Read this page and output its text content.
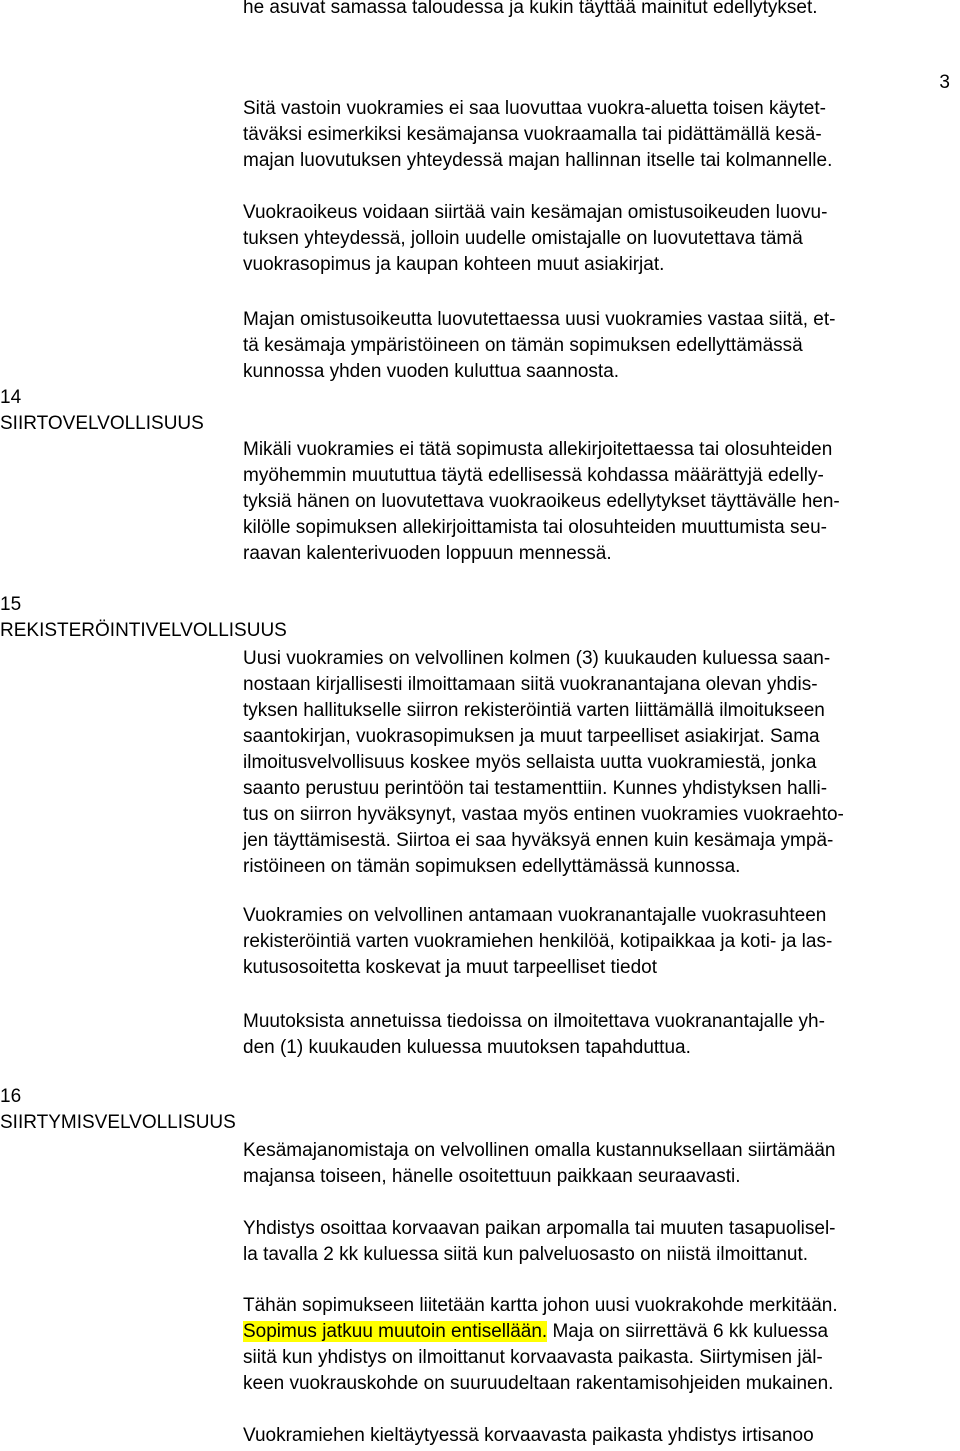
he asuvat samassa taloudessa ja kukin täyttää mainitut edellytykset.
3
Sitä vastoin vuokramies ei saa luovuttaa vuokra-aluetta toisen käytet-
täväksi esimerkiksi kesämajansa vuokraamalla tai pidättämällä kesä-
majan luovutuksen yhteydessä majan hallinnan itselle tai kolmannelle.
Vuokraoikeus voidaan siirtää vain kesämajan omistusoikeuden luovu-
tuksen yhteydessä, jolloin uudelle omistajalle on luovutettava tämä
vuokrasopimus ja kaupan kohteen muut asiakirjat.
Majan omistusoikeutta luovutettaessa uusi vuokramies vastaa siitä, et-
tä kesämaja ympäristöineen on tämän sopimuksen edellyttämässä
kunnossa yhden vuoden kuluttua saannosta.
14
SIIRTOVELVOLLISUUS
Mikäli vuokramies ei tätä sopimusta allekirjoitettaessa tai olosuhteiden
myöhemmin muututtua täytä edellisessä kohdassa määrättyjä edelly-
tyksiä hänen on luovutettava vuokraoikeus edellytykset täyttävälle hen-
kilölle sopimuksen allekirjoittamista tai olosuhteiden muuttumista seu-
raavan kalenterivuoden loppuun mennessä.
15
REKISTERÖINTIVELVOLLISUUS
Uusi vuokramies on velvollinen kolmen (3) kuukauden kuluessa saan-
nostaan kirjallisesti ilmoittamaan siitä vuokranantajana olevan yhdis-
tyksen hallitukselle siirron rekisteröintiä varten liittämällä ilmoitukseen
saantokirjan, vuokrasopimuksen ja muut tarpeelliset asiakirjat. Sama
ilmoitusvelvollisuus koskee myös sellaista uutta vuokramiestä, jonka
saanto perustuu perintöön tai testamenttiin. Kunnes yhdistyksen halli-
tus on siirron hyväksynyt, vastaa myös entinen vuokramies vuokraehto-
jen täyttämisestä. Siirtoa ei saa hyväksyä ennen kuin kesämaja ympä-
ristöineen on tämän sopimuksen edellyttämässä kunnossa.
Vuokramies on velvollinen antamaan vuokranantajalle vuokrasuhteen
rekisteröintiä varten vuokramiehen henkilöä, kotipaikkaa ja koti- ja las-
kutusosoitetta koskevat ja muut tarpeelliset tiedot
Muutoksista annetuissa tiedoissa on ilmoitettava vuokranantajalle yh-
den (1) kuukauden kuluessa muutoksen tapahduttua.
16
SIIRTYMISVELVOLLISUUS
Kesämajanomistaja on velvollinen omalla kustannuksellaan siirtämään
majansa toiseen, hänelle osoitettuun paikkaan seuraavasti.
Yhdistys osoittaa korvaavan paikan arpomalla tai muuten tasapuolisel-
la tavalla 2 kk kuluessa siitä kun palveluosasto on niistä ilmoittanut.
Tähän sopimukseen liitetään kartta johon uusi vuokrakohde merkitään.
Sopimus jatkuu muutoin entisellään. Maja on siirrettävä 6 kk kuluessa
siitä kun yhdistys on ilmoittanut korvaavasta paikasta. Siirtymisen jäl-
keen vuokrauskohde on suuruudeltaan rakentamisohjeiden mukainen.
Vuokramiehen kieltäytyessä korvaavasta paikasta yhdistys irtisanoo
